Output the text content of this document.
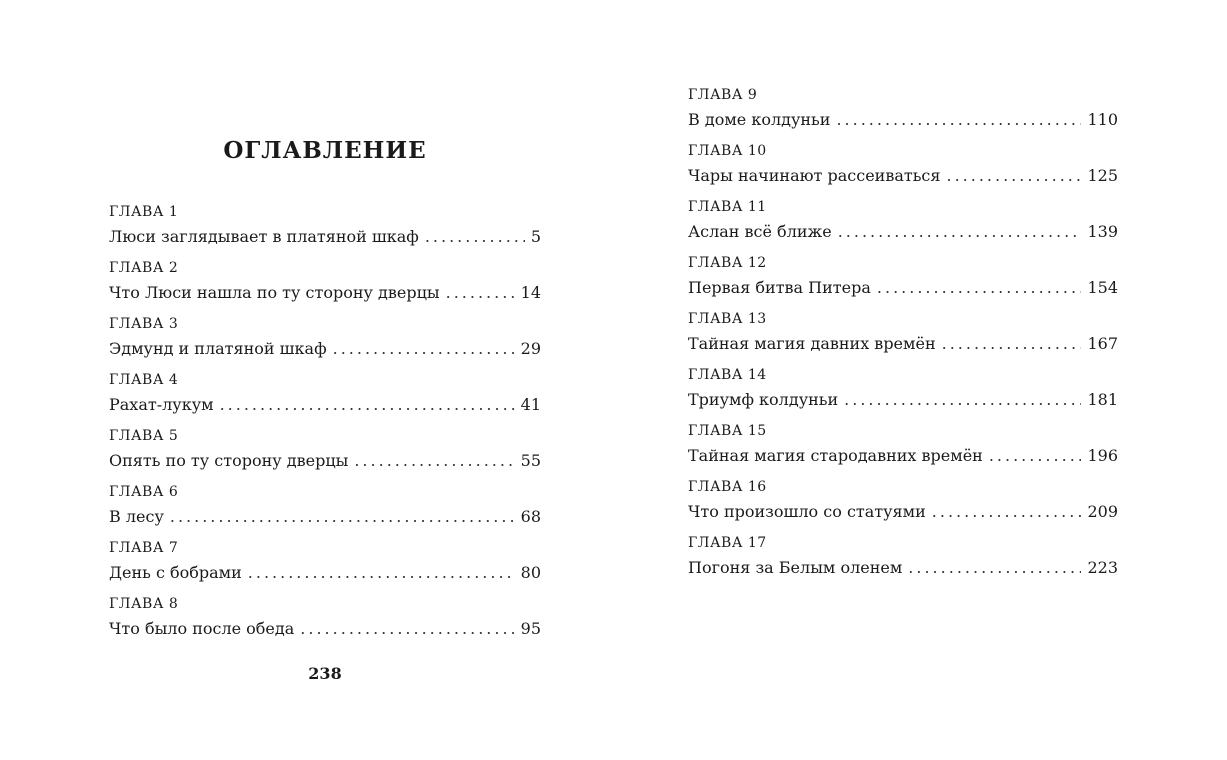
ОГЛАВЛЕНИЕ
ГЛАВА 1
Люси заглядывает в платяной шкаф .....	5
ГЛАВА 2
Что Люси нашла по ту сторону дверцы .....	14
ГЛАВА 3
Эдмунд и платяной шкаф .....	29
ГЛАВА 4
Рахат-лукум .....	41
ГЛАВА 5
Опять по ту сторону дверцы .....	55
ГЛАВА 6
В лесу .....	68
ГЛАВА 7
День с бобрами .....	80
ГЛАВА 8
Что было после обеда .....	95
238
ГЛАВА 9
В доме колдуньи .....	110
ГЛАВА 10
Чары начинают рассеиваться .....	125
ГЛАВА 11
Аслан всё ближе .....	139
ГЛАВА 12
Первая битва Питера .....	154
ГЛАВА 13
Тайная магия давних времён .....	167
ГЛАВА 14
Триумф колдуньи .....	181
ГЛАВА 15
Тайная магия стародавних времён .....	196
ГЛАВА 16
Что произошло со статуями .....	209
ГЛАВА 17
Погоня за Белым оленем .....	223
